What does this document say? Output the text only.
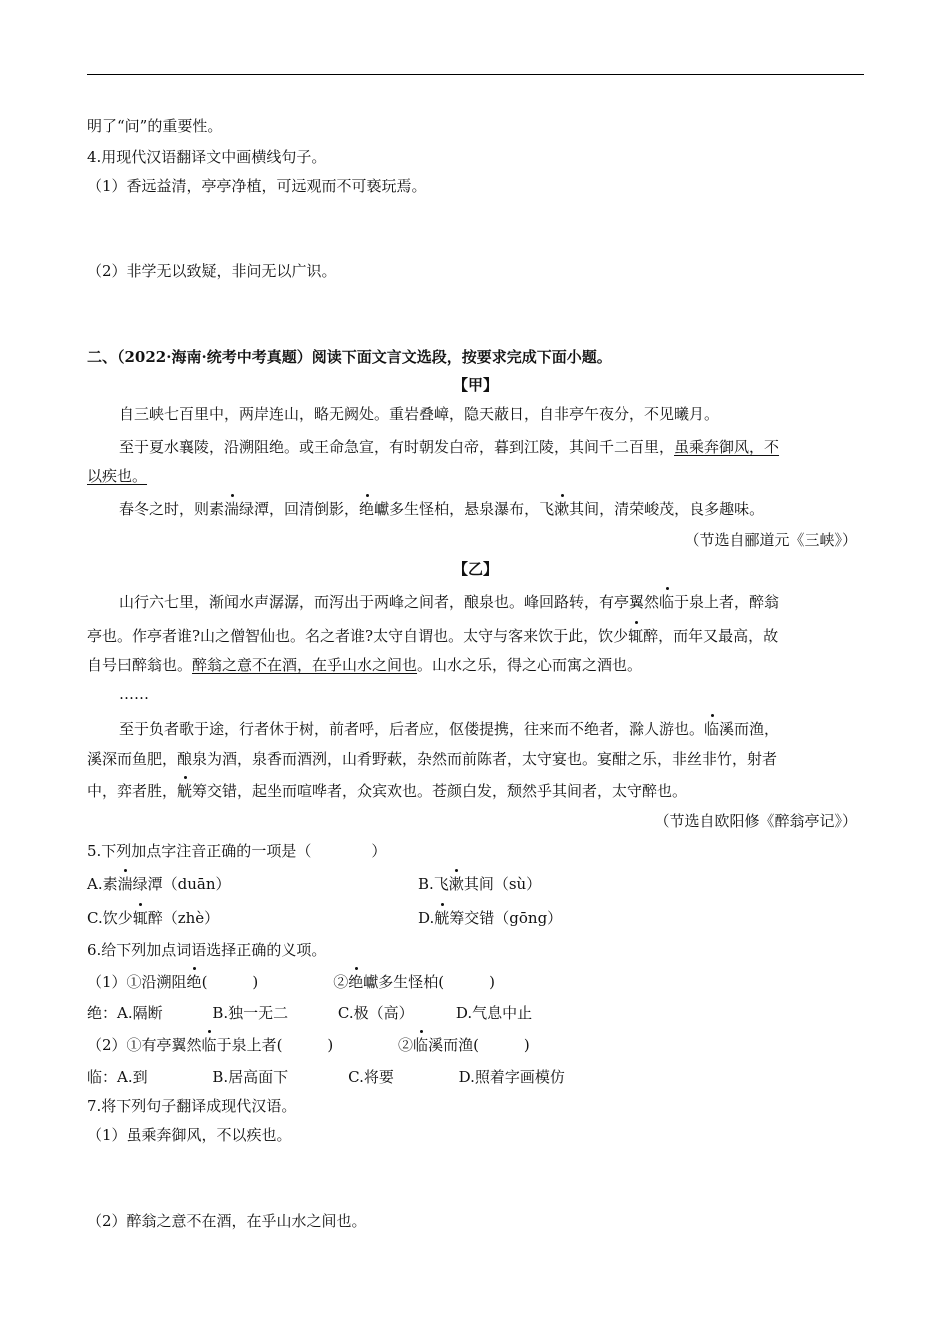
明了“问”的重要性。
4.用现代汉语翻译文中画横线句子。
（1）香远益清，亭亭净植，可远观而不可亵玩焉。
（2）非学无以致疑，非问无以广识。
二、（2022·海南·统考中考真题）阅读下面文言文选段，按要求完成下面小题。
【甲】
自三峡七百里中，两岸连山，略无阙处。重岩叠嶂，隐天蔽日，自非亭午夜分，不见曦月。
至于夏水襄陵，沿溯阻绝。或王命急宣，有时朝发白帝，暮到江陵，其间千二百里，虽乘奔御风，不
以疾也。
春冬之时，则素湍绿潭，回清倒影，绝巘多生怪柏，悬泉瀑布，飞漱其间，清荣峻茂，良多趣味。
（节选自郦道元《三峡》）
【乙】
山行六七里，渐闻水声潺潺，而泻出于两峰之间者，酿泉也。峰回路转，有亭翼然临于泉上者，醉翁
亭也。作亭者谁?山之僧智仙也。名之者谁?太守自谓也。太守与客来饮于此，饮少辄醉，而年又最高，故
自号曰醉翁也。醉翁之意不在酒，在乎山水之间也。山水之乐，得之心而寓之酒也。
……
至于负者歌于途，行者休于树，前者呼，后者应，伛偻提携，往来而不绝者，滁人游也。临溪而渔，
溪深而鱼肥，酿泉为酒，泉香而酒洌，山肴野蔌，杂然而前陈者，太守宴也。宴酣之乐，非丝非竹，射者
中，弈者胜，觥筹交错，起坐而喧哗者，众宾欢也。苍颜白发，颓然乎其间者，太守醉也。
（节选自欧阳修《醉翁亭记》）
5.下列加点字注音正确的一项是（　　　　）
A.素湍绿潭（duān）	B.飞漱其间（sù）
C.饮少辄醉（zhè）	D.觥筹交错（gōng）
6.给下列加点词语选择正确的义项。
（1）①沿溯阻绝(　　　)　　　　　②绝巘多生怪柏(　　　)
绝：A.隔断　　　 B.独一无二　　　 C.极（高）　　　 D.气息中止
（2）①有亭翼然临于泉上者(　　　)　　　　 ②临溪而渔(　　　)
临：A.到　　　　 B.居高面下　　　　C.将要　　　　 D.照着字画模仿
7.将下列句子翻译成现代汉语。
（1）虽乘奔御风，不以疾也。
（2）醉翁之意不在酒，在乎山水之间也。
